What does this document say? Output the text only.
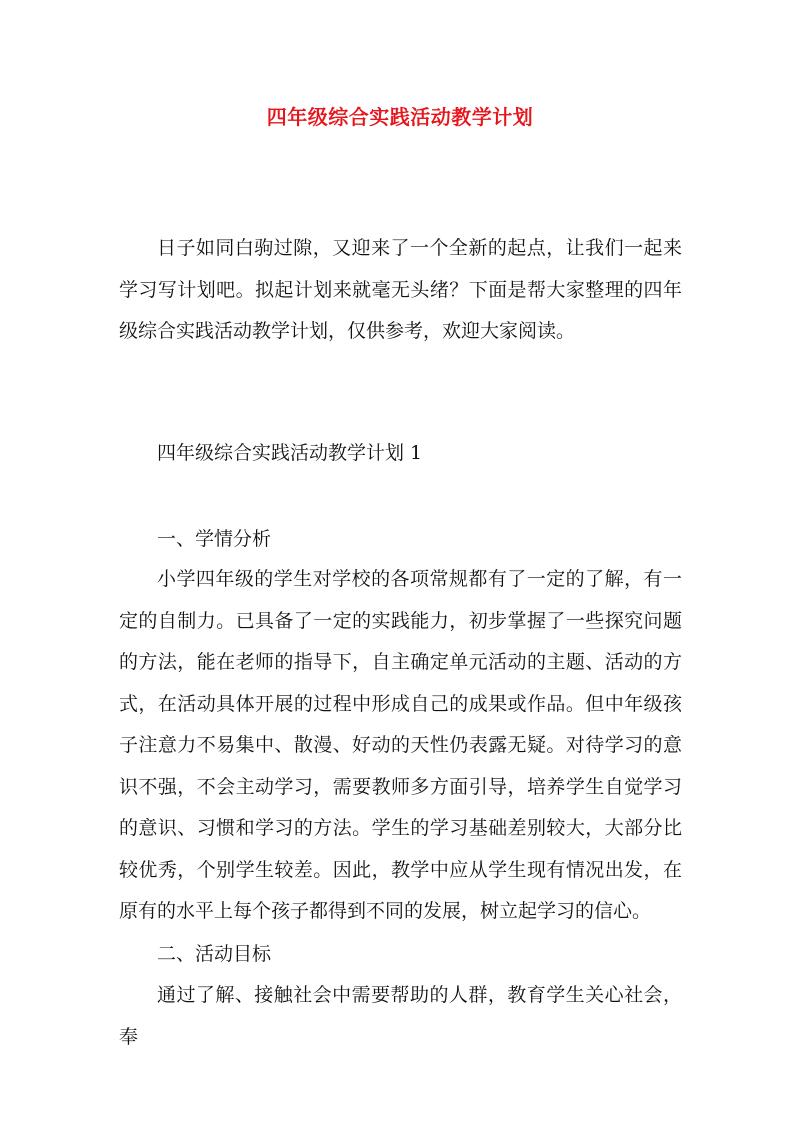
四年级综合实践活动教学计划

日子如同白驹过隙，又迎来了一个全新的起点，让我们一起来学习写计划吧。拟起计划来就毫无头绪？下面是帮大家整理的四年级综合实践活动教学计划，仅供参考，欢迎大家阅读。

四年级综合实践活动教学计划 1
一、学情分析

小学四年级的学生对学校的各项常规都有了一定的了解，有一定的自制力。已具备了一定的实践能力，初步掌握了一些探究问题的方法，能在老师的指导下，自主确定单元活动的主题、活动的方式，在活动具体开展的过程中形成自己的成果或作品。但中年级孩子注意力不易集中、散漫、好动的天性仍表露无疑。对待学习的意识不强，不会主动学习，需要教师多方面引导，培养学生自觉学习的意识、习惯和学习的方法。学生的学习基础差别较大，大部分比较优秀，个别学生较差。因此，教学中应从学生现有情况出发，在原有的水平上每个孩子都得到不同的发展，树立起学习的信心。

二、活动目标

通过了解、接触社会中需要帮助的人群，教育学生关心社会，奉
